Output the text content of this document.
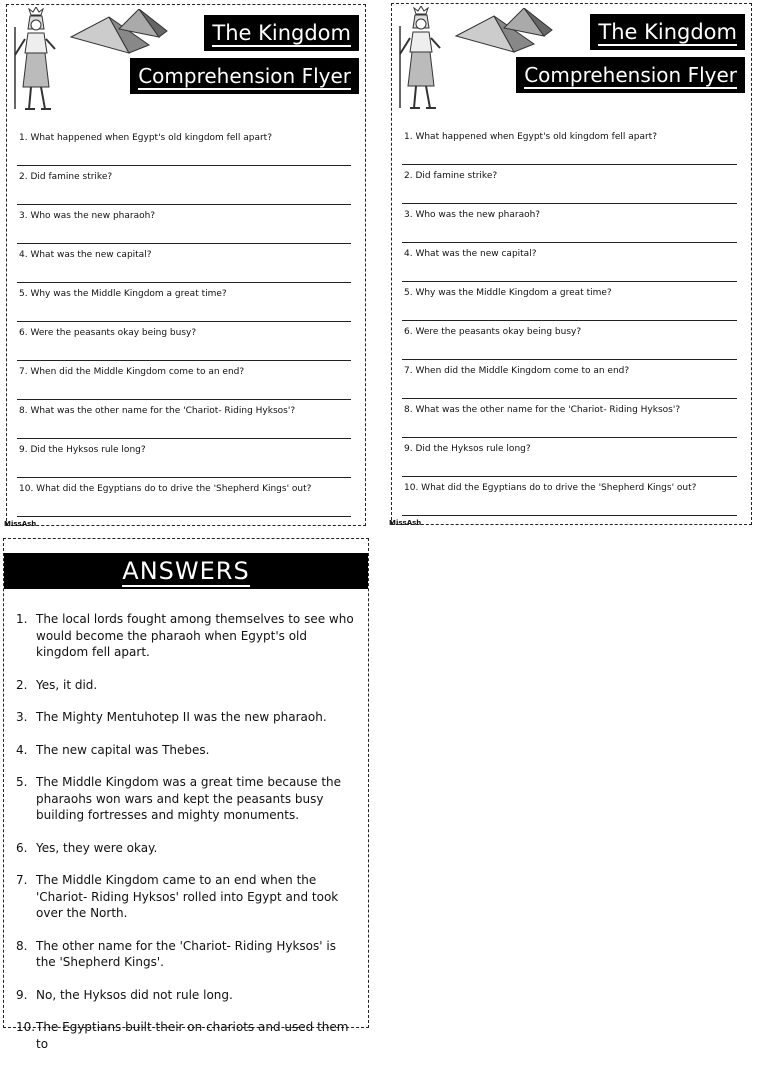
The Kingdom
Comprehension Flyer
1. What happened when Egypt's old kingdom fell apart?
2. Did famine strike?
3. Who was the new pharaoh?
4. What was the new capital?
5. Why was the Middle Kingdom a great time?
6. Were the peasants okay being busy?
7. When did the Middle Kingdom come to an end?
8. What was the other name for the 'Chariot- Riding Hyksos'?
9. Did the Hyksos rule long?
10. What did the Egyptians do to drive the 'Shepherd Kings' out?
MissAsh
The Kingdom
Comprehension Flyer
1. What happened when Egypt's old kingdom fell apart?
2. Did famine strike?
3. Who was the new pharaoh?
4. What was the new capital?
5. Why was the Middle Kingdom a great time?
6. Were the peasants okay being busy?
7. When did the Middle Kingdom come to an end?
8. What was the other name for the 'Chariot- Riding Hyksos'?
9. Did the Hyksos rule long?
10. What did the Egyptians do to drive the 'Shepherd Kings' out?
MissAsh
ANSWERS
1. The local lords fought among themselves to see who would become the pharaoh when Egypt's old kingdom fell apart.
2. Yes, it did.
3. The Mighty Mentuhotep II was the new pharaoh.
4. The new capital was Thebes.
5. The Middle Kingdom was a great time because the pharaohs won wars and kept the peasants busy building fortresses and mighty monuments.
6. Yes, they were okay.
7. The Middle Kingdom came to an end when the 'Chariot- Riding Hyksos' rolled into Egypt and took over the North.
8. The other name for the 'Chariot- Riding Hyksos' is the 'Shepherd Kings'.
9. No, the Hyksos did not rule long.
10. The Egyptians built their on chariots and used them to
